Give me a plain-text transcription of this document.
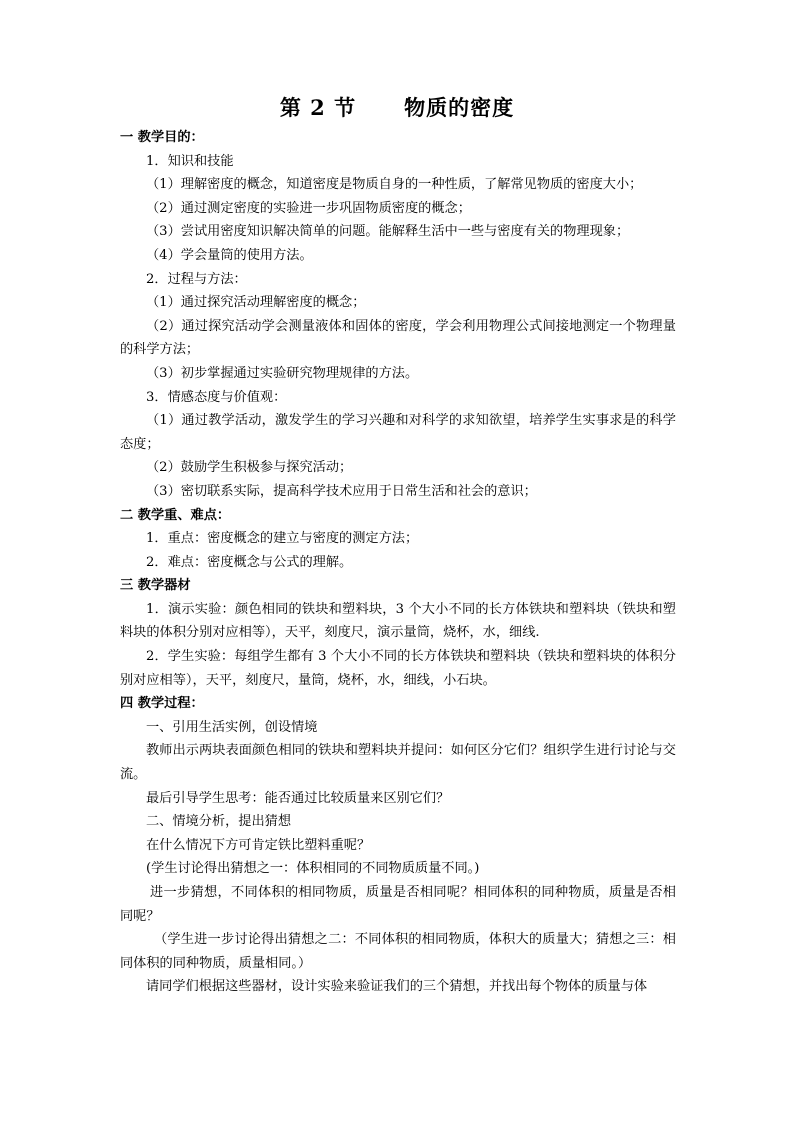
第 2 节 物质的密度
一 教学目的：
1．知识和技能
（1）理解密度的概念，知道密度是物质自身的一种性质，了解常见物质的密度大小；
（2）通过测定密度的实验进一步巩固物质密度的概念；
（3）尝试用密度知识解决简单的问题。能解释生活中一些与密度有关的物理现象；
（4）学会量筒的使用方法。
2．过程与方法：
（1）通过探究活动理解密度的概念；
（2）通过探究活动学会测量液体和固体的密度，学会利用物理公式间接地测定一个物理量的科学方法；
（3）初步掌握通过实验研究物理规律的方法。
3．情感态度与价值观：
（1）通过教学活动，激发学生的学习兴趣和对科学的求知欲望，培养学生实事求是的科学态度；
（2）鼓励学生积极参与探究活动；
（3）密切联系实际，提高科学技术应用于日常生活和社会的意识；
二 教学重、难点：
1．重点：密度概念的建立与密度的测定方法；
2．难点：密度概念与公式的理解。
三 教学器材
1．演示实验：颜色相同的铁块和塑料块，3 个大小不同的长方体铁块和塑料块（铁块和塑料块的体积分别对应相等），天平，刻度尺，演示量筒，烧杯，水，细线.
2．学生实验：每组学生都有 3 个大小不同的长方体铁块和塑料块（铁块和塑料块的体积分别对应相等），天平，刻度尺，量筒，烧杯，水，细线，小石块。
四 教学过程：
一、引用生活实例，创设情境
教师出示两块表面颜色相同的铁块和塑料块并提问：如何区分它们？组织学生进行讨论与交流。
最后引导学生思考：能否通过比较质量来区别它们？
二、情境分析，提出猜想
在什么情况下方可肯定铁比塑料重呢？
(学生讨论得出猜想之一：体积相同的不同物质质量不同。)
进一步猜想，不同体积的相同物质，质量是否相同呢？相同体积的同种物质，质量是否相同呢？
（学生进一步讨论得出猜想之二：不同体积的相同物质，体积大的质量大；猜想之三：相同体积的同种物质，质量相同。）
请同学们根据这些器材，设计实验来验证我们的三个猜想，并找出每个物体的质量与体
